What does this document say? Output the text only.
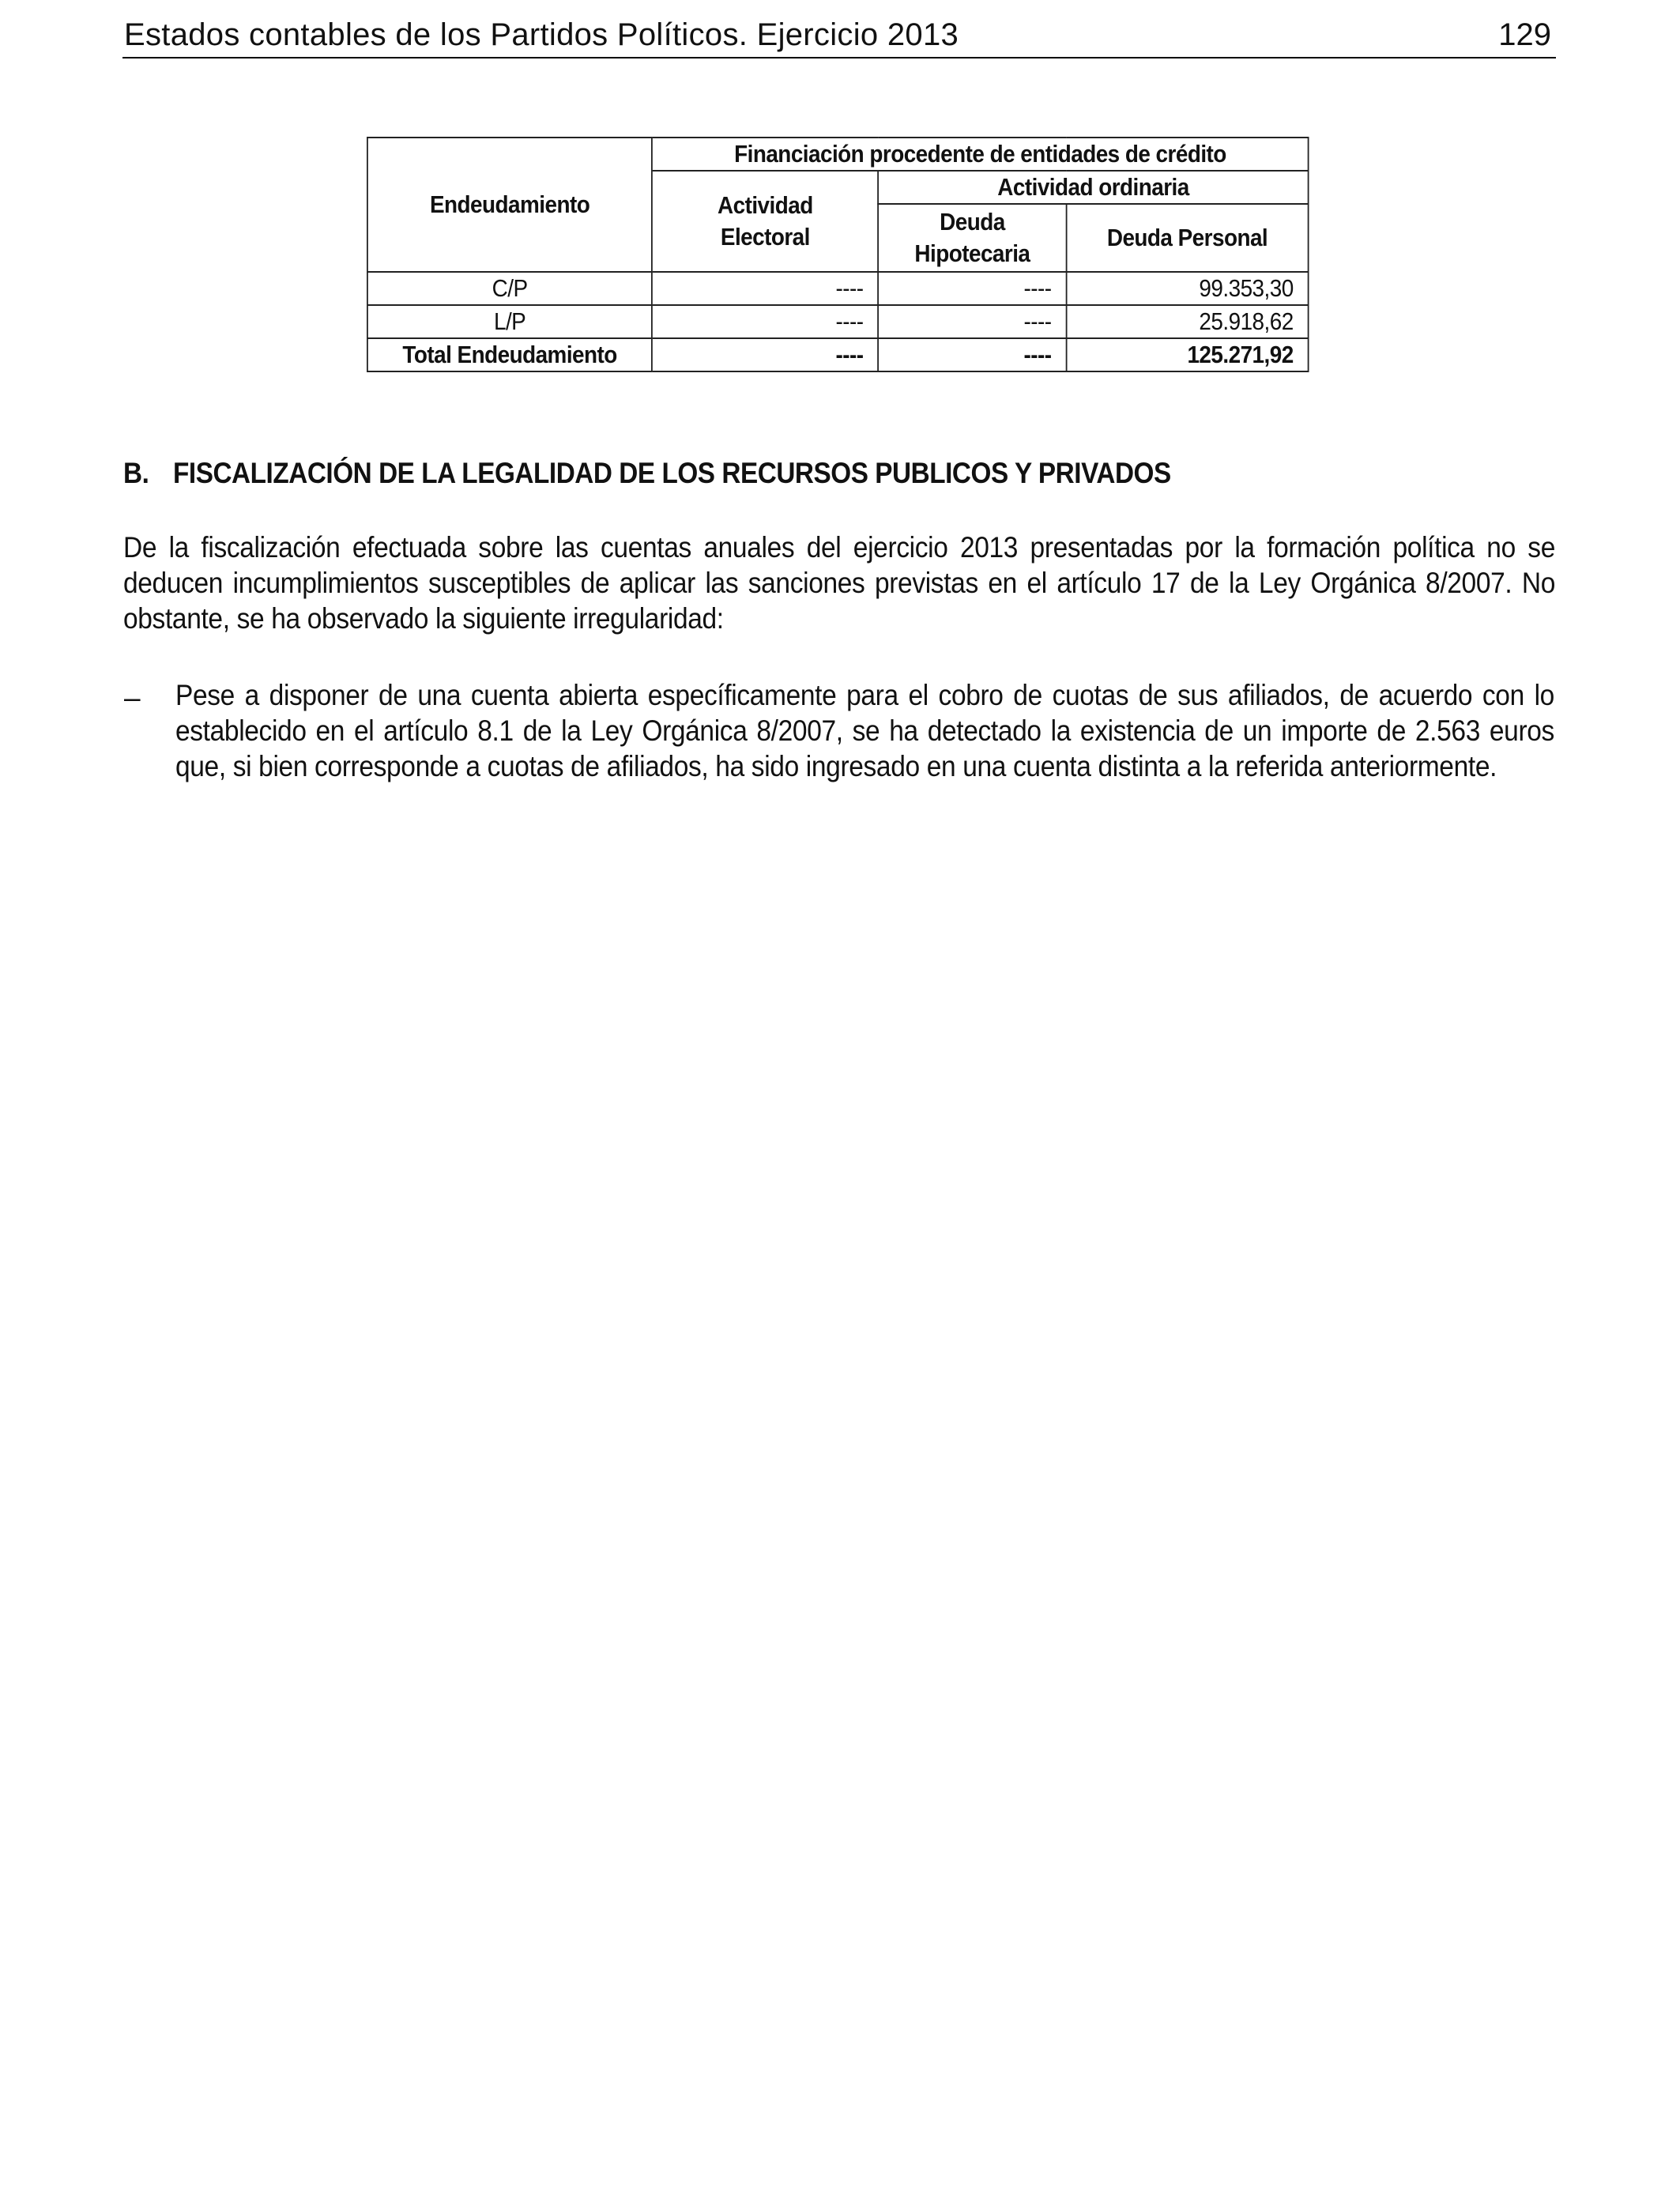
Estados contables de los Partidos Políticos. Ejercicio 2013	129
Endeudamiento	Financiación procedente de entidades de crédito		
	Actividad Electoral	Actividad ordinaria	
		Deuda Hipotecaria	Deuda Personal
C/P	----	----	99.353,30
L/P	----	----	25.918,62
Total Endeudamiento	----	----	125.271,92
B. FISCALIZACIÓN DE LA LEGALIDAD DE LOS RECURSOS PUBLICOS Y PRIVADOS
De la fiscalización efectuada sobre las cuentas anuales del ejercicio 2013 presentadas por la formación política no se deducen incumplimientos susceptibles de aplicar las sanciones previstas en el artículo 17 de la Ley Orgánica 8/2007. No obstante, se ha observado la siguiente irregularidad:
– Pese a disponer de una cuenta abierta específicamente para el cobro de cuotas de sus afiliados, de acuerdo con lo establecido en el artículo 8.1 de la Ley Orgánica 8/2007, se ha detectado la existencia de un importe de 2.563 euros que, si bien corresponde a cuotas de afiliados, ha sido ingresado en una cuenta distinta a la referida anteriormente.
